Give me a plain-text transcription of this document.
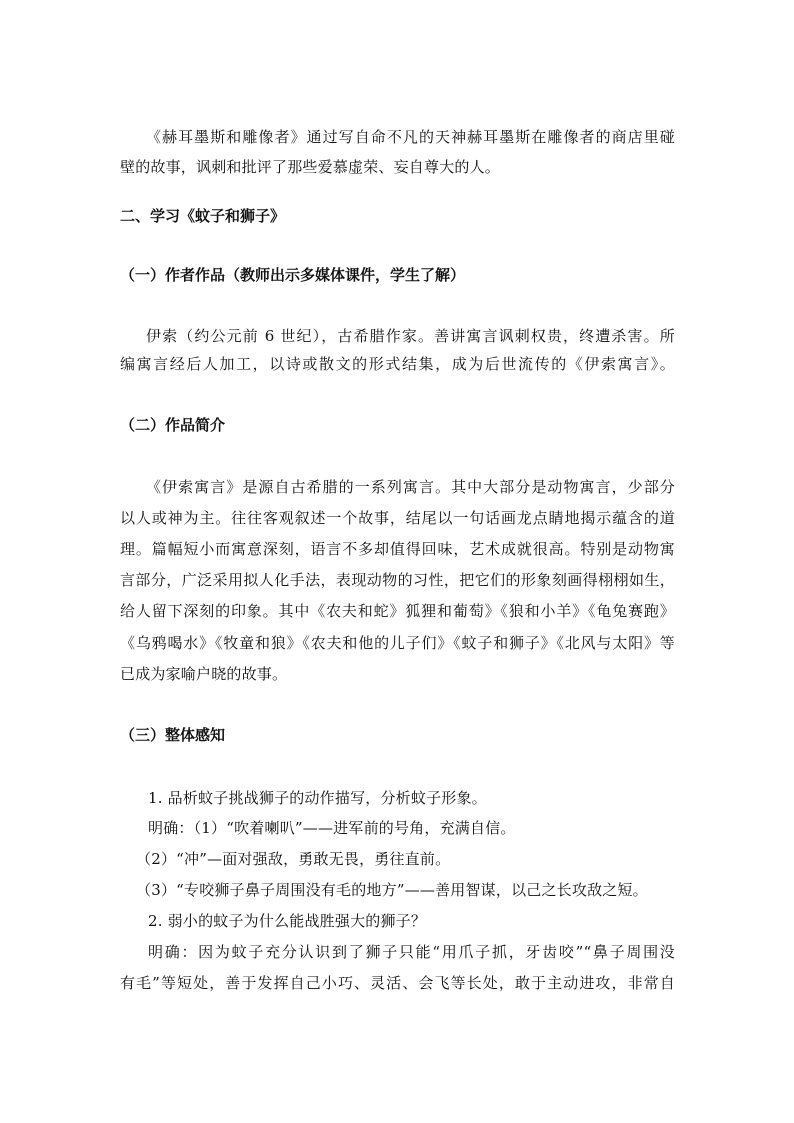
《赫耳墨斯和雕像者》通过写自命不凡的天神赫耳墨斯在雕像者的商店里碰
壁的故事，讽刺和批评了那些爱慕虚荣、妄自尊大的人。
二、学习《蚊子和狮子》
（一）作者作品（教师出示多媒体课件，学生了解）
伊索（约公元前 6 世纪），古希腊作家。善讲寓言讽刺权贵，终遭杀害。所
编寓言经后人加工，以诗或散文的形式结集，成为后世流传的《伊索寓言》。
（二）作品简介
《伊索寓言》是源自古希腊的一系列寓言。其中大部分是动物寓言，少部分
以人或神为主。往往客观叙述一个故事，结尾以一句话画龙点睛地揭示蕴含的道
理。篇幅短小而寓意深刻，语言不多却值得回味，艺术成就很高。特别是动物寓
言部分，广泛采用拟人化手法，表现动物的习性，把它们的形象刻画得栩栩如生，
给人留下深刻的印象。其中《农夫和蛇》狐狸和葡萄》《狼和小羊》《龟兔赛跑》
《乌鸦喝水》《牧童和狼》《农夫和他的儿子们》《蚊子和狮子》《北风与太阳》等
已成为家喻户晓的故事。
（三）整体感知
1. 品析蚊子挑战狮子的动作描写，分析蚊子形象。
明确：（1）“吹着喇叭”——进军前的号角，充满自信。
（2）“冲”—面对强敌，勇敢无畏，勇往直前。
（3）“专咬狮子鼻子周围没有毛的地方”——善用智谋，以己之长攻敌之短。
2. 弱小的蚊子为什么能战胜强大的狮子？
明确：因为蚊子充分认识到了狮子只能“用爪子抓，牙齿咬”“鼻子周围没
有毛”等短处，善于发挥自己小巧、灵活、会飞等长处，敢于主动进攻，非常自
